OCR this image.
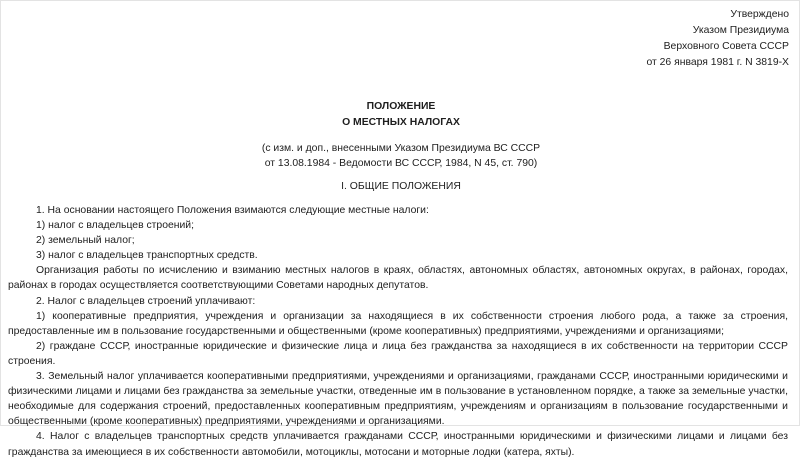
Утверждено
Указом Президиума
Верховного Совета СССР
от 26 января 1981 г. N 3819-X
ПОЛОЖЕНИЕ
О МЕСТНЫХ НАЛОГАХ
(с изм. и доп., внесенными Указом Президиума ВС СССР
от 13.08.1984 - Ведомости ВС СССР, 1984, N 45, ст. 790)
I. ОБЩИЕ ПОЛОЖЕНИЯ

1. На основании настоящего Положения взимаются следующие местные налоги:

1) налог с владельцев строений;

2) земельный налог;

3) налог с владельцев транспортных средств.

Организация работы по исчислению и взиманию местных налогов в краях, областях, автономных областях, автономных округах, в районах, городах, районах в городах осуществляется соответствующими Советами народных депутатов.

2. Налог с владельцев строений уплачивают:

1) кооперативные предприятия, учреждения и организации за находящиеся в их собственности строения любого рода, а также за строения, предоставленные им в пользование государственными и общественными (кроме кооперативных) предприятиями, учреждениями и организациями;

2) граждане СССР, иностранные юридические и физические лица и лица без гражданства за находящиеся в их собственности на территории СССР строения.

3. Земельный налог уплачивается кооперативными предприятиями, учреждениями и организациями, гражданами СССР, иностранными юридическими и физическими лицами и лицами без гражданства за земельные участки, отведенные им в пользование в установленном порядке, а также за земельные участки, необходимые для содержания строений, предоставленных кооперативным предприятиям, учреждениям и организациям в пользование государственными и общественными (кроме кооперативных) предприятиями, учреждениями и организациями.

4. Налог с владельцев транспортных средств уплачивается гражданами СССР, иностранными юридическими и физическими лицами и лицами без гражданства за имеющиеся в их собственности автомобили, мотоциклы, мотосани и моторные лодки (катера, яхты).
